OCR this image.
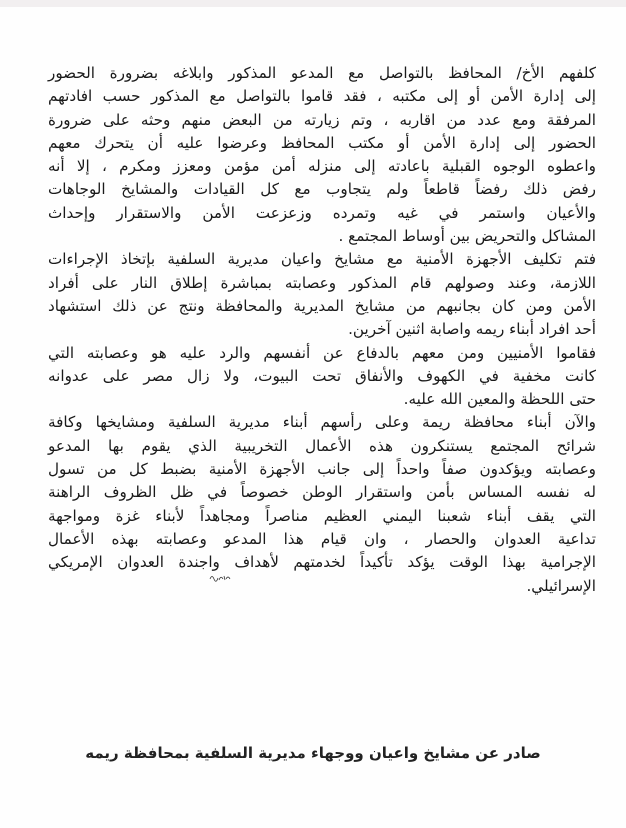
كلفهم الأخ/ المحافظ بالتواصل مع المدعو المذكور وابلاغه بضرورة الحضور
إلى إدارة الأمن أو إلى مكتبه ، فقد قاموا بالتواصل مع المذكور حسب افادتهم
المرفقة ومع عدد من اقاربه ، وتم زيارته من البعض منهم وحثه على ضرورة
الحضور إلى إدارة الأمن أو مكتب المحافظ وعرضوا عليه أن يتحرك معهم
واعطوه الوجوه القبلية باعادته إلى منزله أمن مؤمن ومعزز ومكرم ، إلا أنه
رفض ذلك رفضاً قاطعاً ولم يتجاوب مع كل القيادات والمشايخ الوجاهات
والأعيان واستمر في غيه وتمرده وزعزعت الأمن والاستقرار وإحداث
المشاكل والتحريض بين أوساط المجتمع .
فتم تكليف الأجهزة الأمنية مع مشايخ واعيان مديرية السلفية بإتخاذ الإجراءات
اللازمة، وعند وصولهم قام المذكور وعصابته بمباشرة إطلاق النار على أفراد
الأمن ومن كان بجانبهم من مشايخ المديرية والمحافظة ونتج عن ذلك استشهاد
أحد افراد أبناء ريمه واصابة اثنين آخرين.
فقاموا الأمنيين ومن معهم بالدفاع عن أنفسهم والرد عليه هو وعصابته التي
كانت مخفية في الكهوف والأنفاق تحت البيوت، ولا زال مصر على عدوانه
حتى اللحظة والمعين الله عليه.
والآن أبناء محافظة ريمة وعلى رأسهم أبناء مديرية السلفية ومشايخها وكافة
شرائح المجتمع يستنكرون هذه الأعمال التخريبية الذي يقوم بها المدعو
وعصابته ويؤكدون صفاً واحداً إلى جانب الأجهزة الأمنية بضبط كل من تسول
له نفسه المساس بأمن واستقرار الوطن خصوصاً في ظل الظروف الراهنة
التي يقف أبناء شعبنا اليمني العظيم مناصراً ومجاهداً لأبناء غزة ومواجهة
تداعية العدوان والحصار ، وان قيام هذا المدعو وعصابته بهذه الأعمال
الإجرامية بهذا الوقت يؤكد تأكيداً لخدمتهم لأهداف واجندة العدوان الإمريكي
الإسرائيلي.
صادر عن مشايخ واعيان ووجهاء مديرية السلفية بمحافظة ريمه
